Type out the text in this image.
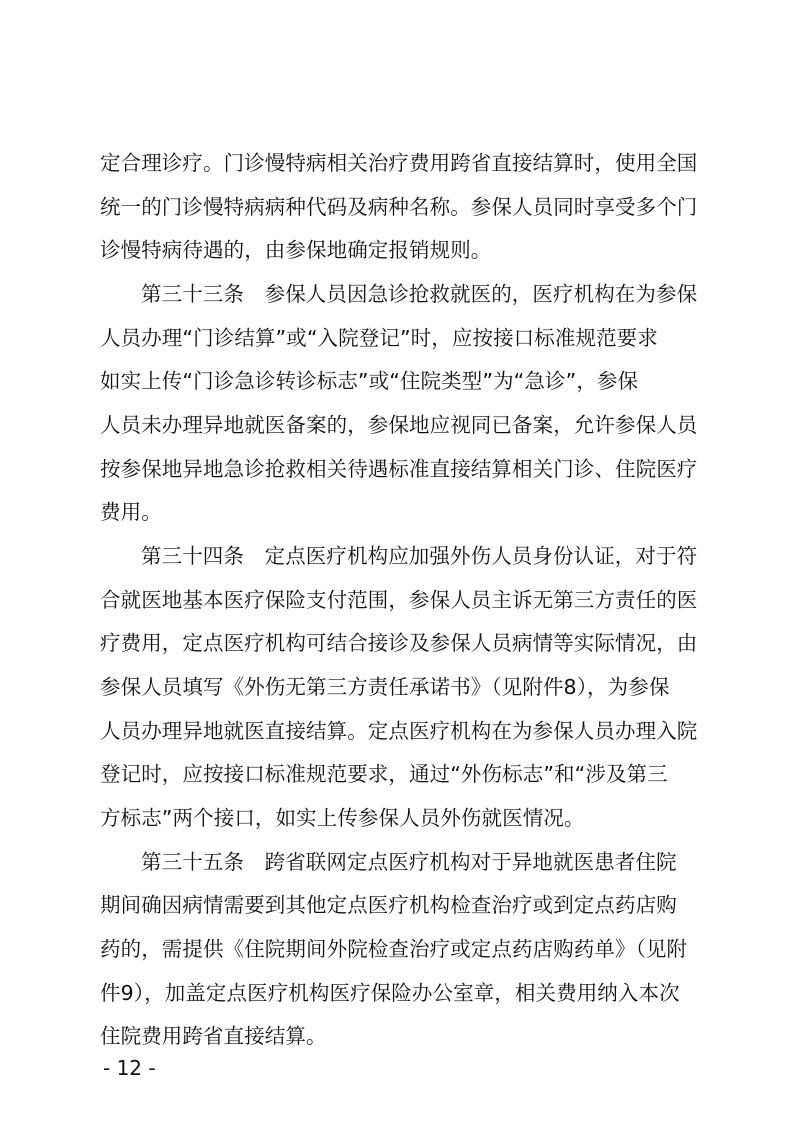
定合理诊疗。门诊慢特病相关治疗费用跨省直接结算时，使用全国
统一的门诊慢特病病种代码及病种名称。参保人员同时享受多个门
诊慢特病待遇的，由参保地确定报销规则。
第三十三条　参保人员因急诊抢救就医的，医疗机构在为参保
人员办理“门诊结算”或“入院登记”时，应按接口标准规范要求
如实上传“门诊急诊转诊标志”或“住院类型”为“急诊”，参保
人员未办理异地就医备案的，参保地应视同已备案，允许参保人员
按参保地异地急诊抢救相关待遇标准直接结算相关门诊、住院医疗
费用。
第三十四条　定点医疗机构应加强外伤人员身份认证，对于符
合就医地基本医疗保险支付范围，参保人员主诉无第三方责任的医
疗费用，定点医疗机构可结合接诊及参保人员病情等实际情况，由
参保人员填写《外伤无第三方责任承诺书》（见附件8），为参保
人员办理异地就医直接结算。定点医疗机构在为参保人员办理入院
登记时，应按接口标准规范要求，通过“外伤标志”和“涉及第三
方标志”两个接口，如实上传参保人员外伤就医情况。
第三十五条　跨省联网定点医疗机构对于异地就医患者住院
期间确因病情需要到其他定点医疗机构检查治疗或到定点药店购
药的，需提供《住院期间外院检查治疗或定点药店购药单》（见附
件9），加盖定点医疗机构医疗保险办公室章，相关费用纳入本次
住院费用跨省直接结算。
- 12 -
